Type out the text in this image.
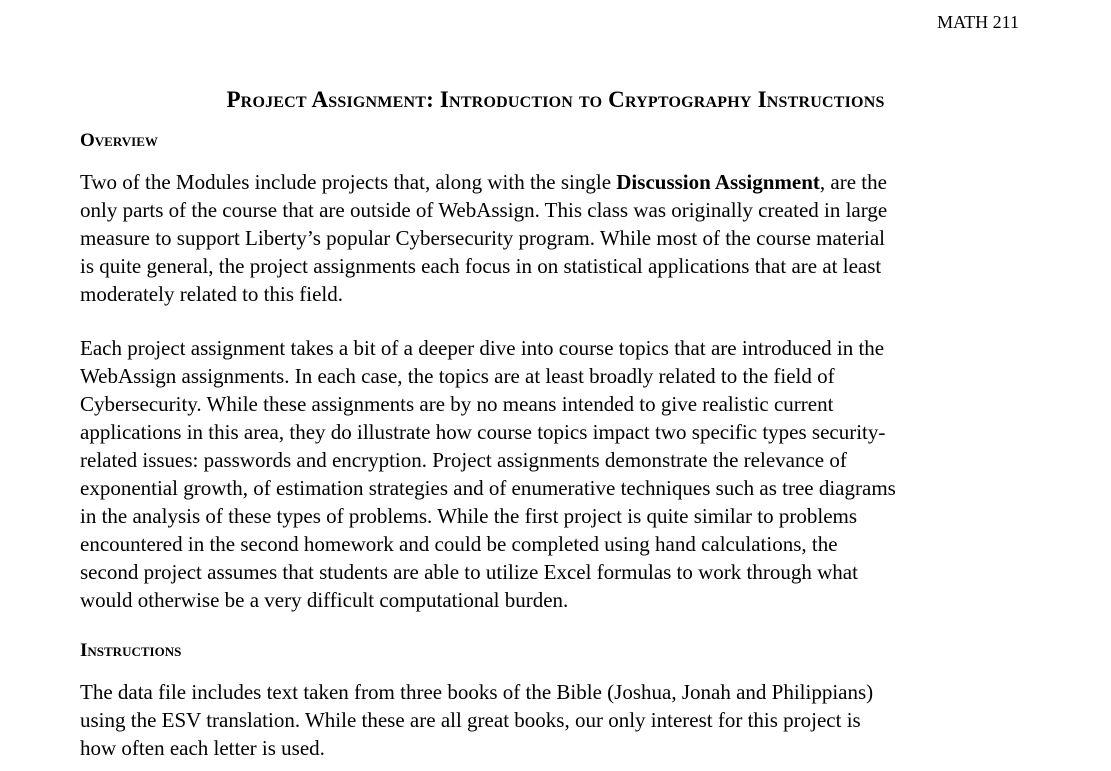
MATH 211

Project Assignment: Introduction to Cryptography Instructions
Overview

Two of the Modules include projects that, along with the single Discussion Assignment, are the
only parts of the course that are outside of WebAssign. This class was originally created in large
measure to support Liberty’s popular Cybersecurity program. While most of the course material
is quite general, the project assignments each focus in on statistical applications that are at least
moderately related to this field.

Each project assignment takes a bit of a deeper dive into course topics that are introduced in the
WebAssign assignments. In each case, the topics are at least broadly related to the field of
Cybersecurity. While these assignments are by no means intended to give realistic current
applications in this area, they do illustrate how course topics impact two specific types security-
related issues: passwords and encryption. Project assignments demonstrate the relevance of
exponential growth, of estimation strategies and of enumerative techniques such as tree diagrams
in the analysis of these types of problems. While the first project is quite similar to problems
encountered in the second homework and could be completed using hand calculations, the
second project assumes that students are able to utilize Excel formulas to work through what
would otherwise be a very difficult computational burden.

Instructions

The data file includes text taken from three books of the Bible (Joshua, Jonah and Philippians)
using the ESV translation. While these are all great books, our only interest for this project is
how often each letter is used.
